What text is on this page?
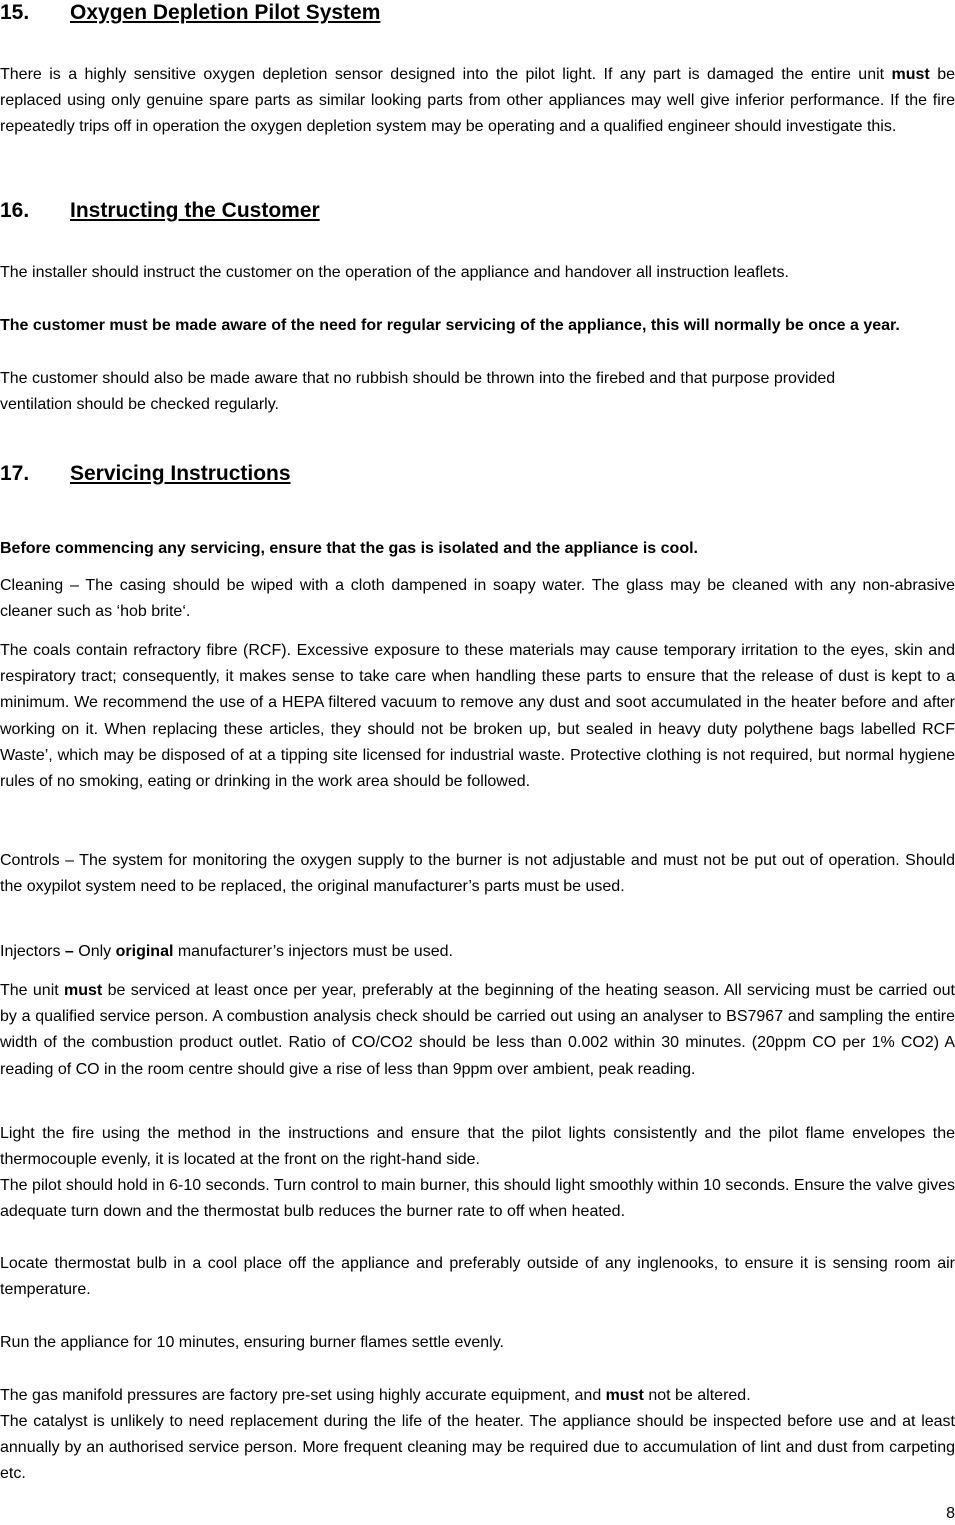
15. Oxygen Depletion Pilot System

There is a highly sensitive oxygen depletion sensor designed into the pilot light. If any part is damaged the entire unit must be replaced using only genuine spare parts as similar looking parts from other appliances may well give inferior performance. If the fire repeatedly trips off in operation the oxygen depletion system may be operating and a qualified engineer should investigate this.

16. Instructing the Customer

The installer should instruct the customer on the operation of the appliance and handover all instruction leaflets.

The customer must be made aware of the need for regular servicing of the appliance, this will normally be once a year.

The customer should also be made aware that no rubbish should be thrown into the firebed and that purpose provided ventilation should be checked regularly.

17. Servicing Instructions

Before commencing any servicing, ensure that the gas is isolated and the appliance is cool.

Cleaning – The casing should be wiped with a cloth dampened in soapy water. The glass may be cleaned with any non-abrasive cleaner such as ‘hob brite‘.

The coals contain refractory fibre (RCF). Excessive exposure to these materials may cause temporary irritation to the eyes, skin and respiratory tract; consequently, it makes sense to take care when handling these parts to ensure that the release of dust is kept to a minimum. We recommend the use of a HEPA filtered vacuum to remove any dust and soot accumulated in the heater before and after working on it. When replacing these articles, they should not be broken up, but sealed in heavy duty polythene bags labelled RCF Waste’, which may be disposed of at a tipping site licensed for industrial waste. Protective clothing is not required, but normal hygiene rules of no smoking, eating or drinking in the work area should be followed.

Controls – The system for monitoring the oxygen supply to the burner is not adjustable and must not be put out of operation. Should the oxypilot system need to be replaced, the original manufacturer’s parts must be used.

Injectors – Only original manufacturer’s injectors must be used.

The unit must be serviced at least once per year, preferably at the beginning of the heating season. All servicing must be carried out by a qualified service person. A combustion analysis check should be carried out using an analyser to BS7967 and sampling the entire width of the combustion product outlet. Ratio of CO/CO2 should be less than 0.002 within 30 minutes. (20ppm CO per 1% CO2) A reading of CO in the room centre should give a rise of less than 9ppm over ambient, peak reading.

Light the fire using the method in the instructions and ensure that the pilot lights consistently and the pilot flame envelopes the thermocouple evenly, it is located at the front on the right-hand side.

The pilot should hold in 6-10 seconds. Turn control to main burner, this should light smoothly within 10 seconds. Ensure the valve gives adequate turn down and the thermostat bulb reduces the burner rate to off when heated.

Locate thermostat bulb in a cool place off the appliance and preferably outside of any inglenooks, to ensure it is sensing room air temperature.

Run the appliance for 10 minutes, ensuring burner flames settle evenly.

The gas manifold pressures are factory pre-set using highly accurate equipment, and must not be altered.

The catalyst is unlikely to need replacement during the life of the heater. The appliance should be inspected before use and at least annually by an authorised service person. More frequent cleaning may be required due to accumulation of lint and dust from carpeting etc.

8
